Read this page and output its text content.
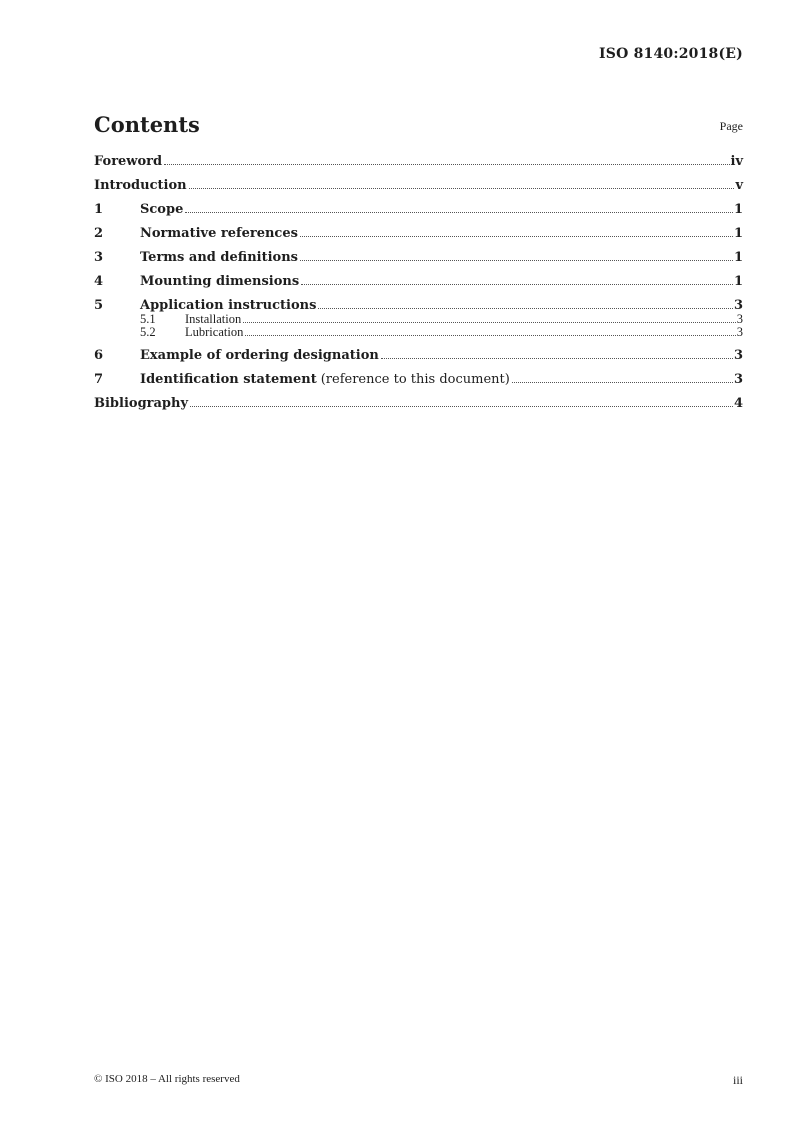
ISO 8140:2018(E)
Contents	Page
Foreword	iv
Introduction	v
1	Scope	1
2	Normative references	1
3	Terms and definitions	1
4	Mounting dimensions	1
5	Application instructions	3
5.1	Installation	3
5.2	Lubrication	3
6	Example of ordering designation	3
7	Identification statement (reference to this document)	3
Bibliography	4
© ISO 2018 – All rights reserved	iii
